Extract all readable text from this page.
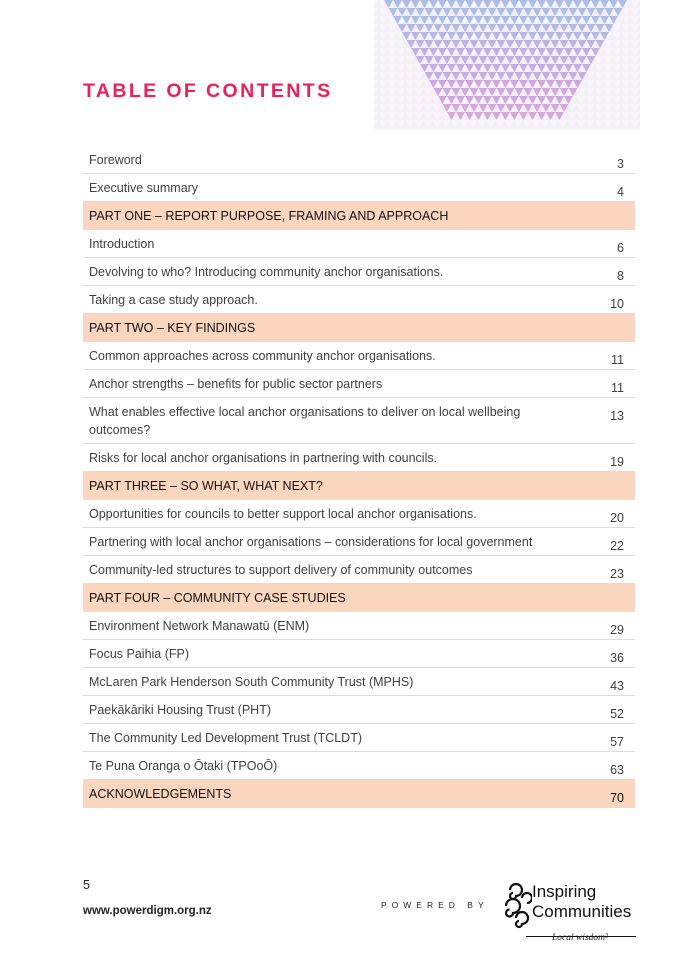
TABLE OF CONTENTS
Foreword	3
Executive summary	4
PART ONE – REPORT PURPOSE, FRAMING AND APPROACH	
Introduction	6
Devolving to who? Introducing community anchor organisations.	8
Taking a case study approach.	10
PART TWO – KEY FINDINGS	
Common approaches across community anchor organisations.	11
Anchor strengths – benefits for public sector partners	11
What enables effective local anchor organisations to deliver on local wellbeing outcomes?	13
Risks for local anchor organisations in partnering with councils.	19
PART THREE – SO WHAT, WHAT NEXT?	
Opportunities for councils to better support local anchor organisations.	20
Partnering with local anchor organisations – considerations for local government	22
Community-led structures to support delivery of community outcomes	23
PART FOUR – COMMUNITY CASE STUDIES	
Environment Network Manawatū (ENM)	29
Focus Paihia (FP)	36
McLaren Park Henderson South Community Trust (MPHS)	43
Paekākāriki Housing Trust (PHT)	52
The Community Led Development Trust (TCLDT)	57
Te Puna Oranga o Ōtaki (TPOoŌ)	63
ACKNOWLEDGEMENTS	70
5
www.powerdigm.org.nz	POWERED BY
Inspiring
Communities
Local wisdom²
